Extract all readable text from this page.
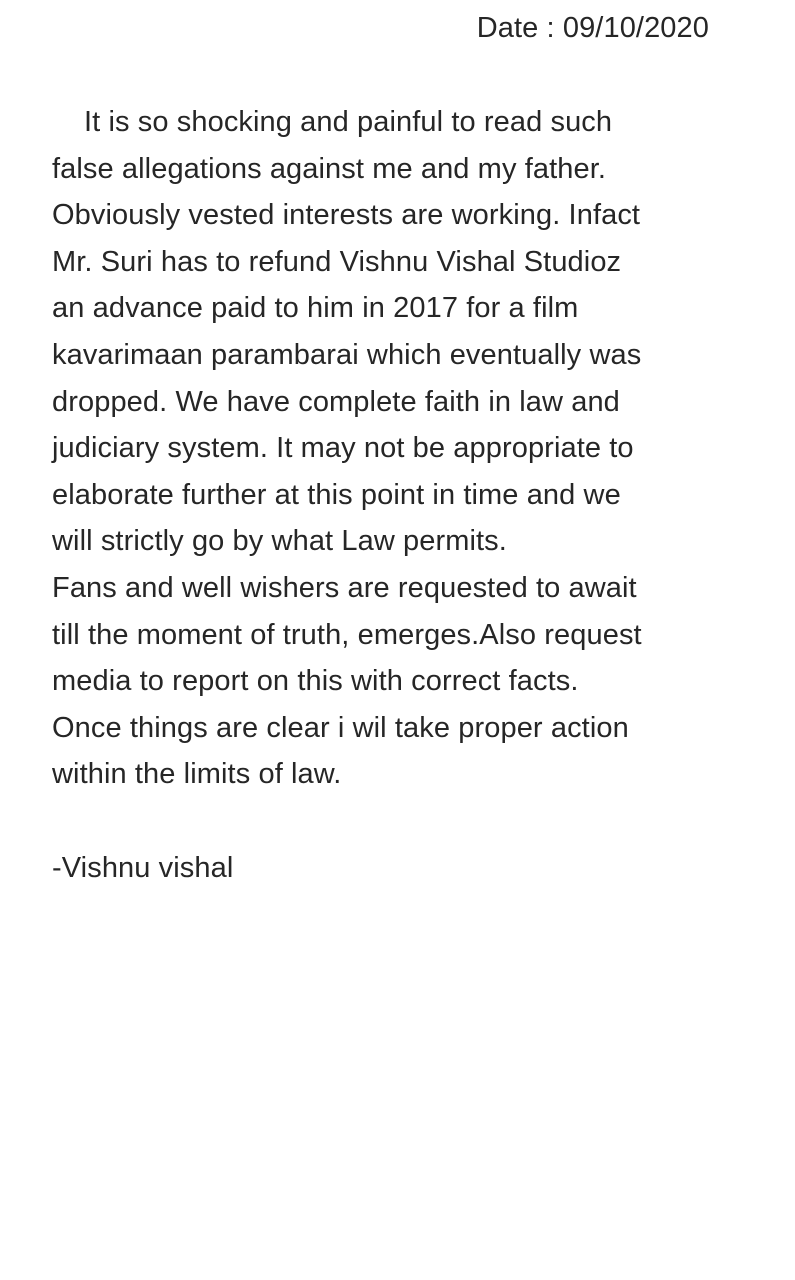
Date : 09/10/2020
It is so shocking and painful to read such
false allegations against me and my father.
Obviously vested interests are working. Infact
Mr. Suri has to refund Vishnu Vishal Studioz
an advance paid to him in 2017 for a film
kavarimaan parambarai which eventually was
dropped. We have complete faith in law and
judiciary system. It may not be appropriate to
elaborate further at this point in time and we
will strictly go by what Law permits.
Fans and well wishers are requested to await
till the moment of truth, emerges.Also request
media to report on this with correct facts.
Once things are clear i wil take proper action
within the limits of law.
-Vishnu vishal
